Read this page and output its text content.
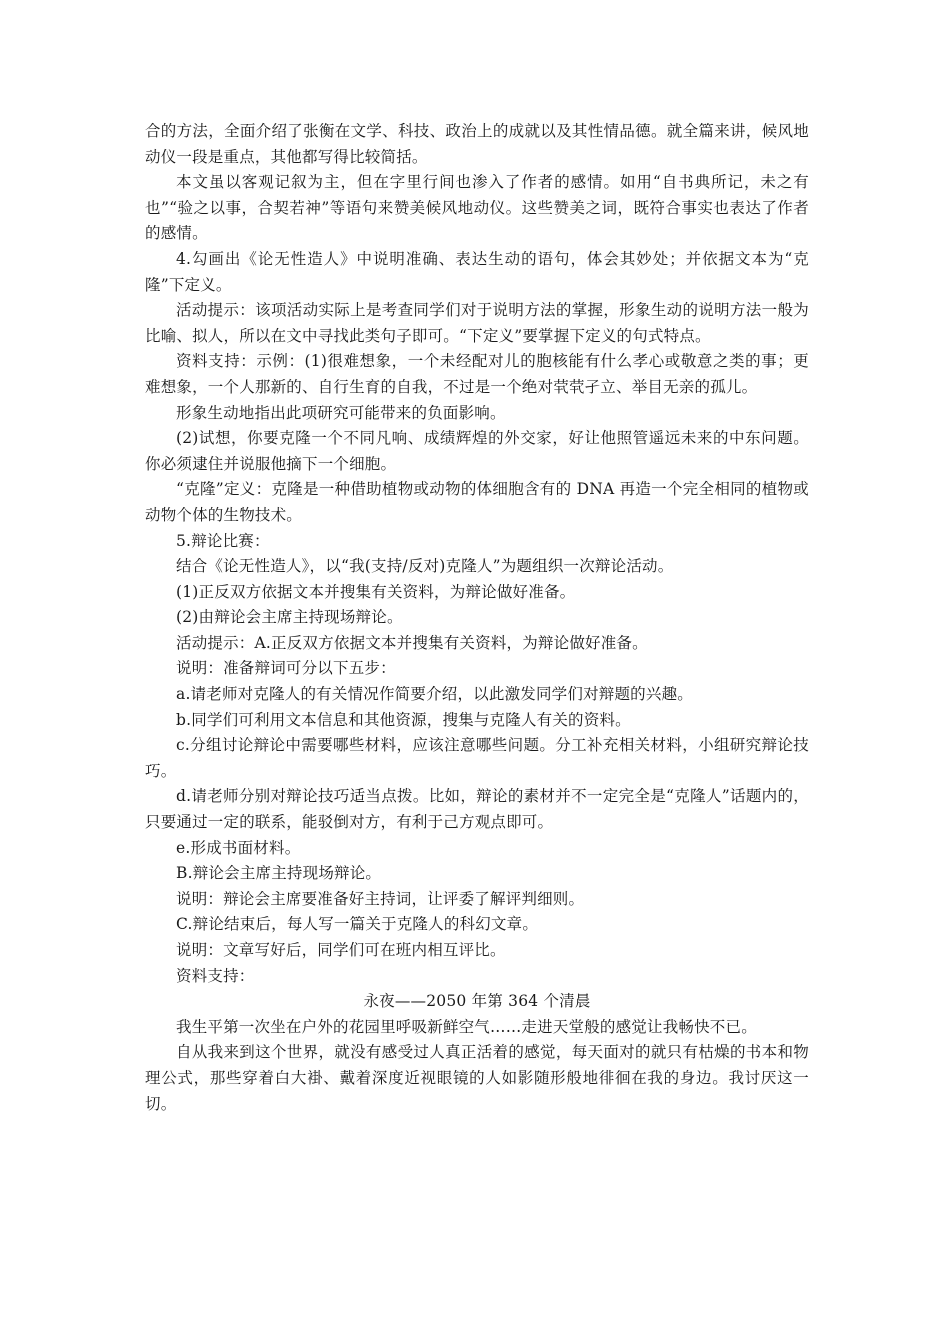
合的方法，全面介绍了张衡在文学、科技、政治上的成就以及其性情品德。就全篇来讲，候风地动仪一段是重点，其他都写得比较简括。

本文虽以客观记叙为主，但在字里行间也渗入了作者的感情。如用“自书典所记，未之有也”“验之以事，合契若神”等语句来赞美候风地动仪。这些赞美之词，既符合事实也表达了作者的感情。

4.勾画出《论无性造人》中说明准确、表达生动的语句，体会其妙处；并依据文本为“克隆”下定义。

活动提示：该项活动实际上是考查同学们对于说明方法的掌握，形象生动的说明方法一般为比喻、拟人，所以在文中寻找此类句子即可。“下定义”要掌握下定义的句式特点。

资料支持：示例：(1)很难想象，一个未经配对儿的胞核能有什么孝心或敬意之类的事；更难想象，一个人那新的、自行生育的自我，不过是一个绝对茕茕孑立、举目无亲的孤儿。

形象生动地指出此项研究可能带来的负面影响。

(2)试想，你要克隆一个不同凡响、成绩辉煌的外交家，好让他照管遥远未来的中东问题。你必须逮住并说服他摘下一个细胞。

“克隆”定义：克隆是一种借助植物或动物的体细胞含有的 DNA 再造一个完全相同的植物或动物个体的生物技术。

5.辩论比赛：

结合《论无性造人》，以“我(支持/反对)克隆人”为题组织一次辩论活动。

(1)正反双方依据文本并搜集有关资料，为辩论做好准备。

(2)由辩论会主席主持现场辩论。

活动提示：A.正反双方依据文本并搜集有关资料，为辩论做好准备。

说明：准备辩词可分以下五步：

a.请老师对克隆人的有关情况作简要介绍，以此激发同学们对辩题的兴趣。

b.同学们可利用文本信息和其他资源，搜集与克隆人有关的资料。

c.分组讨论辩论中需要哪些材料，应该注意哪些问题。分工补充相关材料，小组研究辩论技巧。

d.请老师分别对辩论技巧适当点拨。比如，辩论的素材并不一定完全是“克隆人”话题内的，只要通过一定的联系，能驳倒对方，有利于己方观点即可。

e.形成书面材料。

B.辩论会主席主持现场辩论。

说明：辩论会主席要准备好主持词，让评委了解评判细则。

C.辩论结束后，每人写一篇关于克隆人的科幻文章。

说明：文章写好后，同学们可在班内相互评比。

资料支持：

永夜——2050 年第 364 个清晨

我生平第一次坐在户外的花园里呼吸新鲜空气……走进天堂般的感觉让我畅快不已。

自从我来到这个世界，就没有感受过人真正活着的感觉，每天面对的就只有枯燥的书本和物理公式，那些穿着白大褂、戴着深度近视眼镜的人如影随形般地徘徊在我的身边。我讨厌这一切。
